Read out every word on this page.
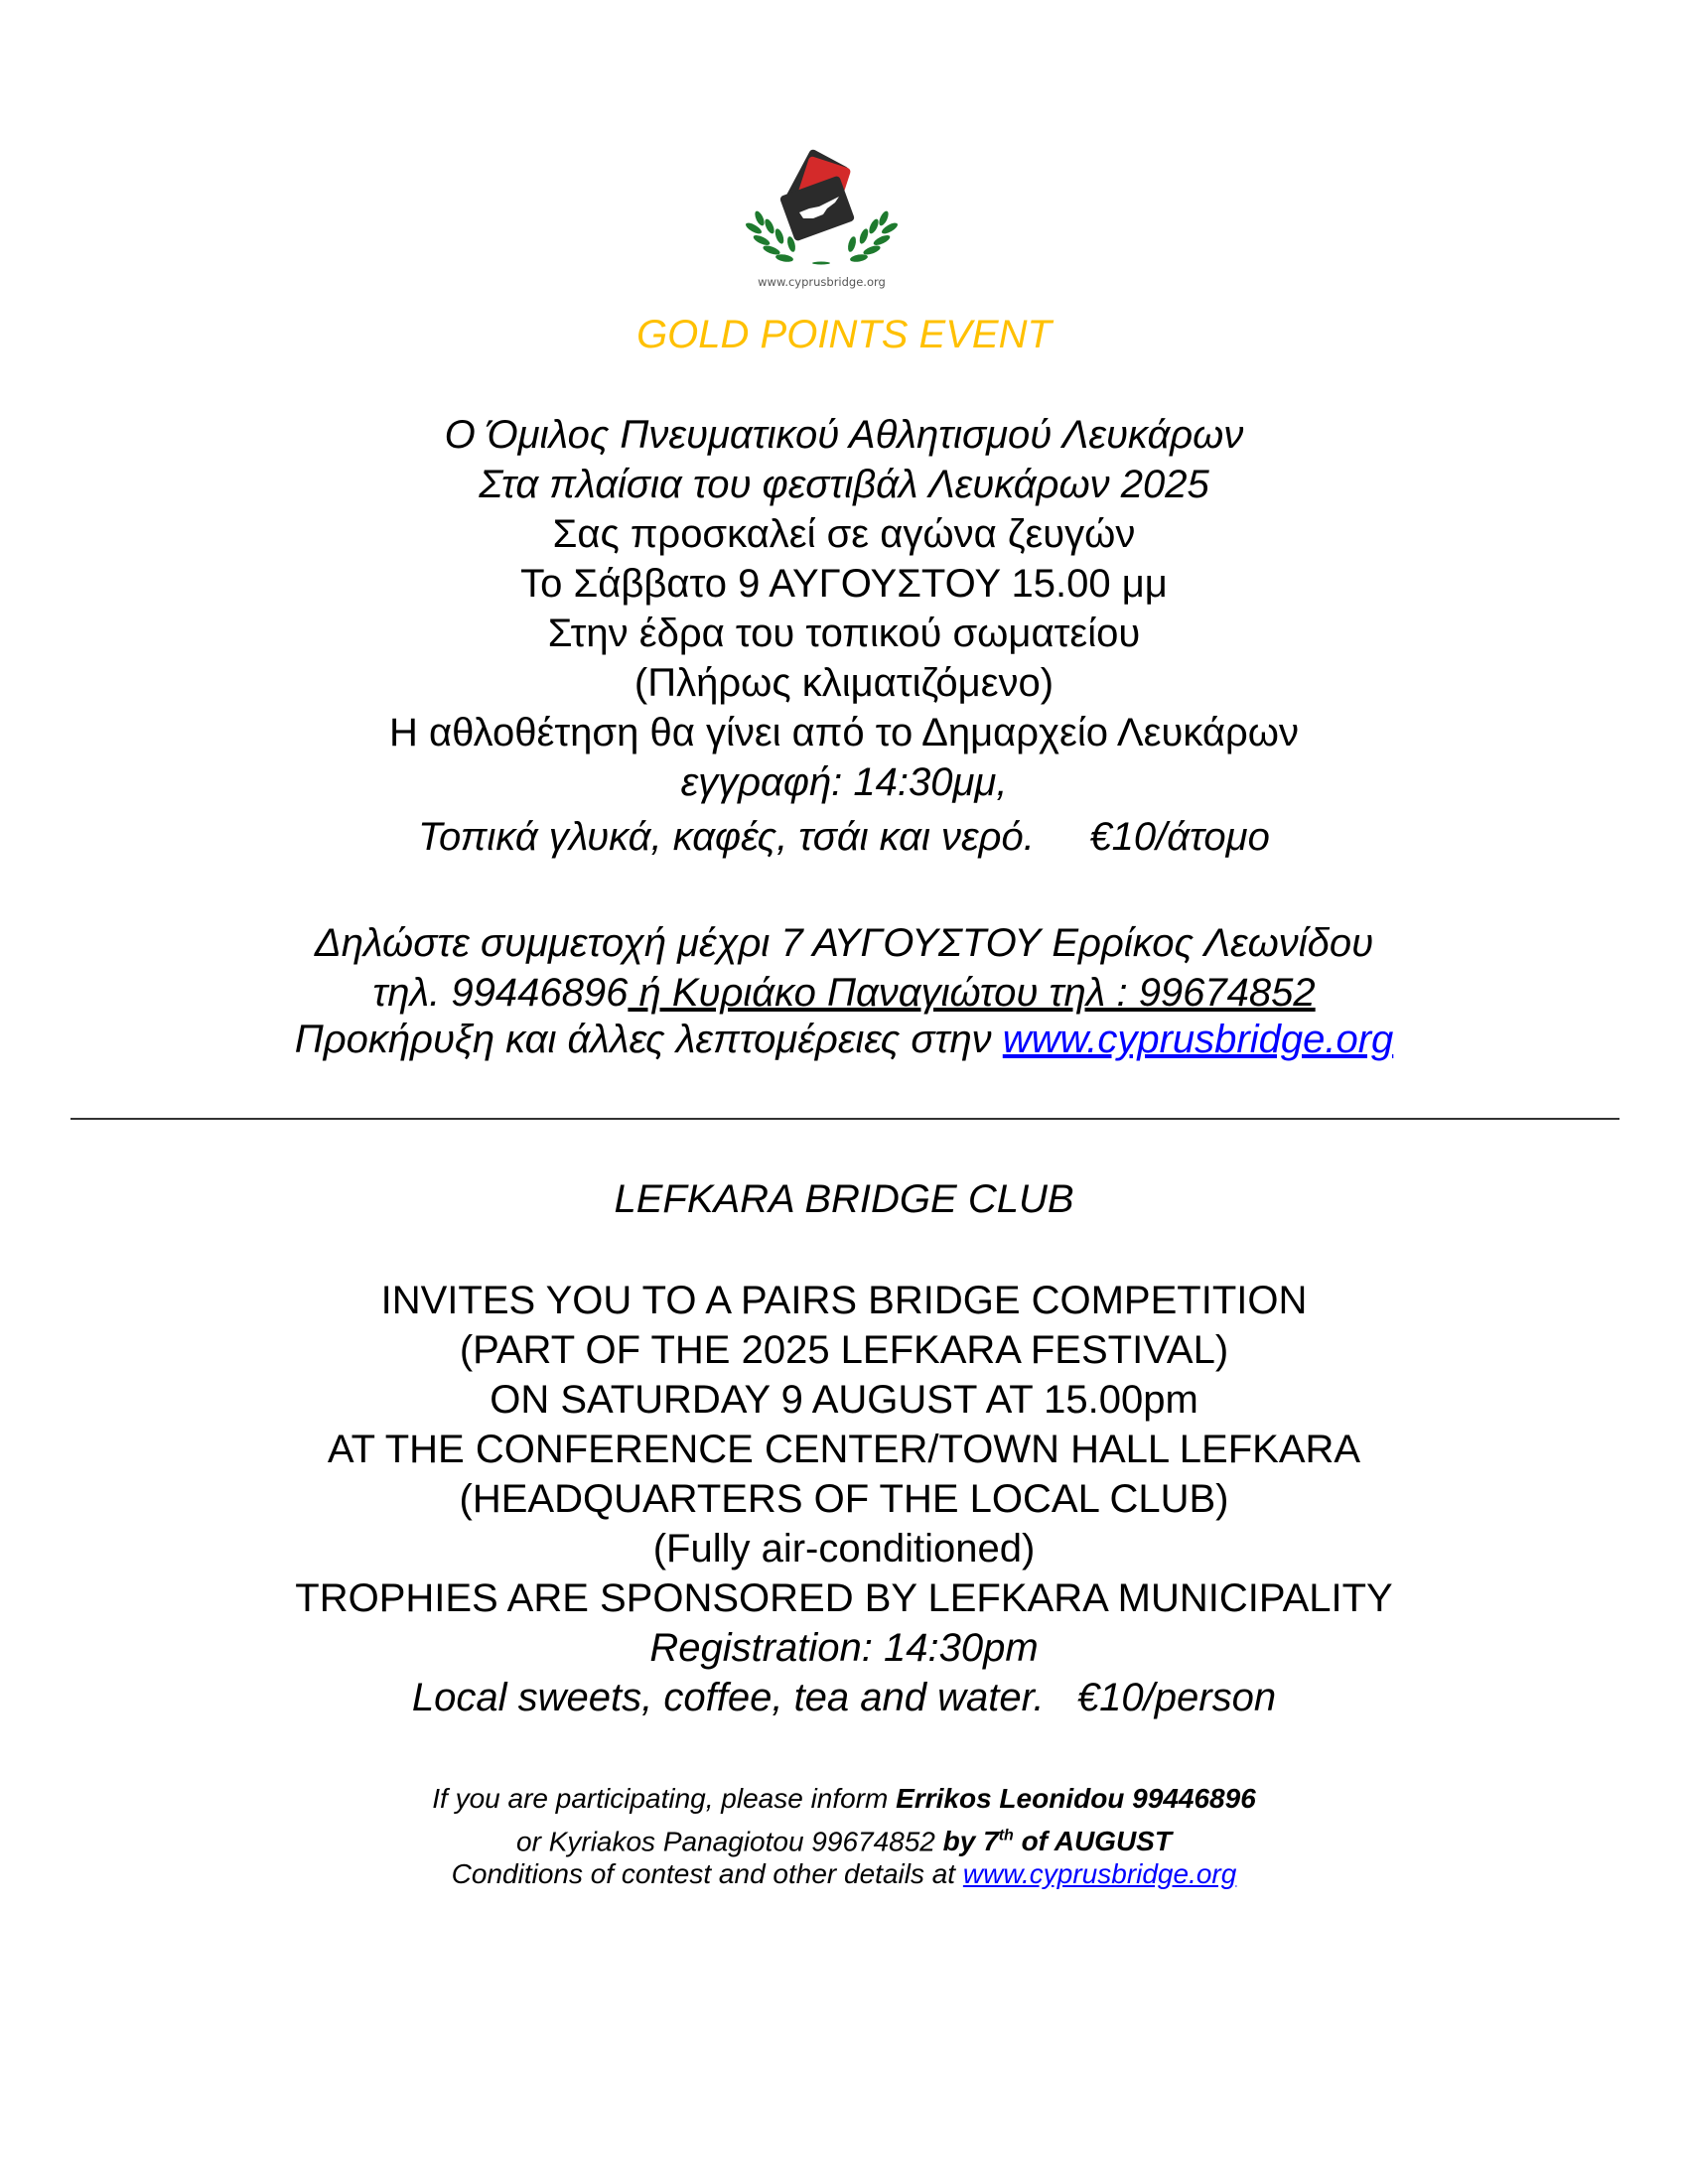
www.cyprusbridge.org
GOLD POINTS EVENT
Ο Όμιλος Πνευματικού Αθλητισμού Λευκάρων
Στα πλαίσια του φεστιβάλ Λευκάρων 2025
Σας προσκαλεί σε αγώνα ζευγών
Το Σάββατο 9 ΑΥΓΟΥΣΤΟΥ 15.00 μμ
Στην έδρα του τοπικού σωματείου
(Πλήρως κλιματιζόμενο)
Η αθλοθέτηση θα γίνει από το Δημαρχείο Λευκάρων
εγγραφή: 14:30μμ,
Τοπικά γλυκά, καφές, τσάι και νερό.     €10/άτομο
Δηλώστε συμμετοχή μέχρι 7 ΑΥΓΟΥΣΤΟΥ Ερρίκος Λεωνίδου
τηλ. 99446896 ή Κυριάκο Παναγιώτου τηλ : 99674852
Προκήρυξη και άλλες λεπτομέρειες στην www.cyprusbridge.org
LEFKARA BRIDGE CLUB
INVITES YOU TO A PAIRS BRIDGE COMPETITION
(PART OF THE 2025 LEFKARA FESTIVAL)
ON SATURDAY 9 AUGUST AT 15.00pm
AT THE CONFERENCE CENTER/TOWN HALL LEFKARA
(HEADQUARTERS OF THE LOCAL CLUB)
(Fully air-conditioned)
TROPHIES ARE SPONSORED BY LEFKARA MUNICIPALITY
Registration: 14:30pm
Local sweets, coffee, tea and water.   €10/person
If you are participating, please inform Errikos Leonidou 99446896
or Kyriakos Panagiotou 99674852 by 7th of AUGUST
Conditions of contest and other details at www.cyprusbridge.org
